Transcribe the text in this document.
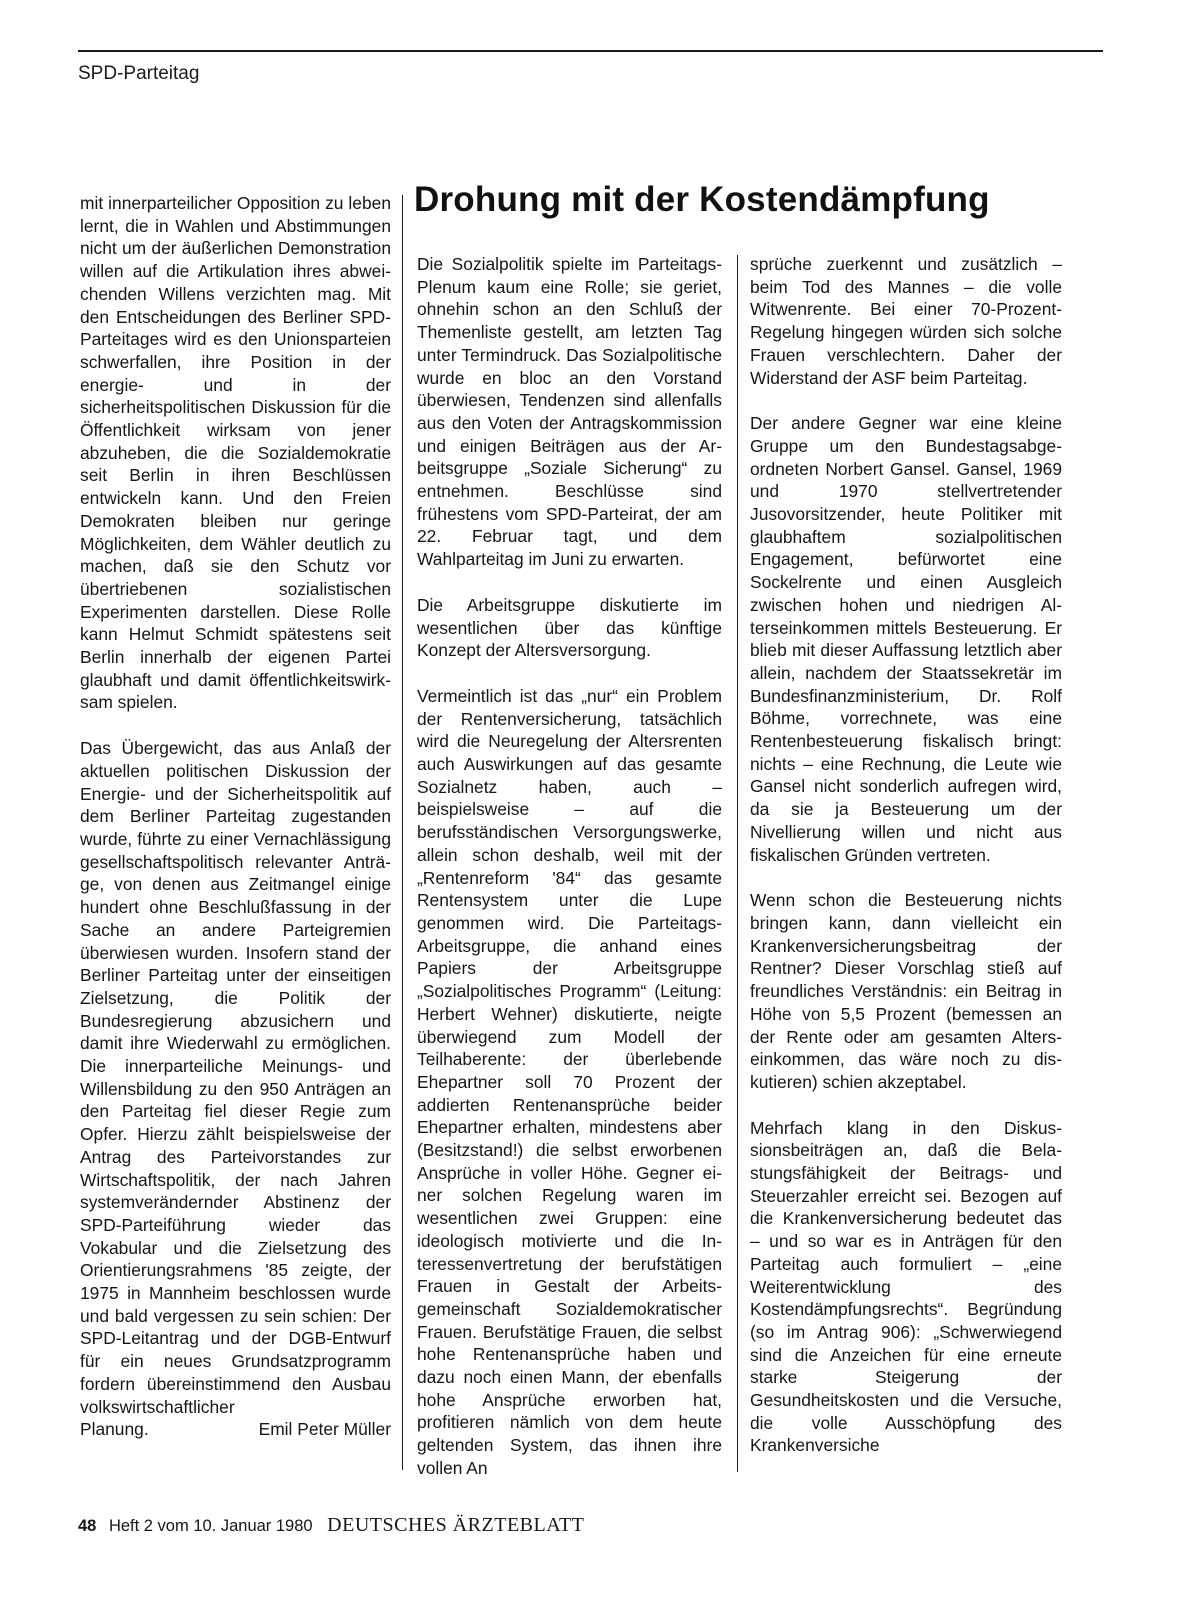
SPD-Parteitag

mit innerparteilicher Opposition zu leben lernt, die in Wahlen und Abstimmungen nicht um der äußerlichen Demonstration willen auf die Artikulation ihres abweichenden Willens verzichten mag. Mit den Entscheidungen des Berliner SPD-Parteitages wird es den Unionsparteien schwerfallen, ihre Position in der energie- und in der sicherheitspolitischen Diskussion für die Öffentlichkeit wirksam von jener abzuheben, die die Sozialdemokratie seit Berlin in ihren Beschlüssen entwickeln kann. Und den Freien Demokraten bleiben nur geringe Möglichkeiten, dem Wähler deutlich zu machen, daß sie den Schutz vor übertriebenen sozialistischen Experimenten darstellen. Diese Rolle kann Helmut Schmidt spätestens seit Berlin innerhalb der eigenen Partei glaubhaft und damit öffentlichkeitswirksam spielen.

Das Übergewicht, das aus Anlaß der aktuellen politischen Diskussion der Energie- und der Sicherheitspolitik auf dem Berliner Parteitag zugestanden wurde, führte zu einer Vernachlässigung gesellschaftspolitisch relevanter Anträge, von denen aus Zeitmangel einige hundert ohne Beschlußfassung in der Sache an andere Parteigremien überwiesen wurden. Insofern stand der Berliner Parteitag unter der einseitigen Zielsetzung, die Politik der Bundesregierung abzusichern und damit ihre Wiederwahl zu ermöglichen. Die innerparteiliche Meinungs- und Willensbildung zu den 950 Anträgen an den Parteitag fiel dieser Regie zum Opfer. Hierzu zählt beispielsweise der Antrag des Parteivorstandes zur Wirtschaftspolitik, der nach Jahren systemverändernder Abstinenz der SPD-Parteiführung wieder das Vokabular und die Zielsetzung des Orientierungsrahmens '85 zeigte, der 1975 in Mannheim beschlossen wurde und bald vergessen zu sein schien: Der SPD-Leitantrag und der DGB-Entwurf für ein neues Grundsatzprogramm fordern übereinstimmend den Ausbau volkswirtschaftlicher
Planung.	Emil Peter Müller

Drohung mit der Kostendämpfung

Die Sozialpolitik spielte im Parteitags-Plenum kaum eine Rolle; sie geriet, ohnehin schon an den Schluß der Themenliste gestellt, am letzten Tag unter Termindruck. Das Sozialpolitische wurde en bloc an den Vorstand überwiesen, Tendenzen sind allenfalls aus den Voten der Antragskommission und einigen Beiträgen aus der Arbeitsgruppe „Soziale Sicherung“ zu entnehmen. Beschlüsse sind frühestens vom SPD-Parteirat, der am 22. Februar tagt, und dem Wahlparteitag im Juni zu erwarten.

Die Arbeitsgruppe diskutierte im wesentlichen über das künftige Konzept der Altersversorgung.

Vermeintlich ist das „nur“ ein Problem der Rentenversicherung, tatsächlich wird die Neuregelung der Altersrenten auch Auswirkungen auf das gesamte Sozialnetz haben, auch – beispielsweise – auf die berufsständischen Versorgungswerke, allein schon deshalb, weil mit der „Rentenreform '84“ das gesamte Rentensystem unter die Lupe genommen wird. Die Parteitags-Arbeitsgruppe, die anhand eines Papiers der Arbeitsgruppe „Sozialpolitisches Programm“ (Leitung: Herbert Wehner) diskutierte, neigte überwiegend zum Modell der Teilhaberente: der überlebende Ehepartner soll 70 Prozent der addierten Rentenansprüche beider Ehepartner erhalten, mindestens aber (Besitzstand!) die selbst erworbenen Ansprüche in voller Höhe. Gegner einer solchen Regelung waren im wesentlichen zwei Gruppen: eine ideologisch motivierte und die Interessenvertretung der berufstätigen Frauen in Gestalt der Arbeitsgemeinschaft Sozialdemokratischer Frauen. Berufstätige Frauen, die selbst hohe Rentenansprüche haben und dazu noch einen Mann, der ebenfalls hohe Ansprüche erworben hat, profitieren nämlich von dem heute geltenden System, das ihnen ihre vollen An

sprüche zuerkennt und zusätzlich – beim Tod des Mannes – die volle Witwenrente. Bei einer 70-Prozent-Regelung hingegen würden sich solche Frauen verschlechtern. Daher der Widerstand der ASF beim Parteitag.

Der andere Gegner war eine kleine Gruppe um den Bundestagsabgeordneten Norbert Gansel. Gansel, 1969 und 1970 stellvertretender Jusovorsitzender, heute Politiker mit glaubhaftem sozialpolitischen Engagement, befürwortet eine Sockelrente und einen Ausgleich zwischen hohen und niedrigen Alterseinkommen mittels Besteuerung. Er blieb mit dieser Auffassung letztlich aber allein, nachdem der Staatssekretär im Bundesfinanzministerium, Dr. Rolf Böhme, vorrechnete, was eine Rentenbesteuerung fiskalisch bringt: nichts – eine Rechnung, die Leute wie Gansel nicht sonderlich aufregen wird, da sie ja Besteuerung um der Nivellierung willen und nicht aus fiskalischen Gründen vertreten.

Wenn schon die Besteuerung nichts bringen kann, dann vielleicht ein Krankenversicherungsbeitrag der Rentner? Dieser Vorschlag stieß auf freundliches Verständnis: ein Beitrag in Höhe von 5,5 Prozent (bemessen an der Rente oder am gesamten Alterseinkommen, das wäre noch zu diskutieren) schien akzeptabel.

Mehrfach klang in den Diskussionsbeiträgen an, daß die Belastungsfähigkeit der Beitrags- und Steuerzahler erreicht sei. Bezogen auf die Krankenversicherung bedeutet das – und so war es in Anträgen für den Parteitag auch formuliert – „eine Weiterentwicklung des Kostendämpfungsrechts“. Begründung (so im Antrag 906): „Schwerwiegend sind die Anzeichen für eine erneute starke Steigerung der Gesundheitskosten und die Versuche, die volle Ausschöpfung des Krankenversiche

48 Heft 2 vom 10. Januar 1980 DEUTSCHES ÄRZTEBLATT
